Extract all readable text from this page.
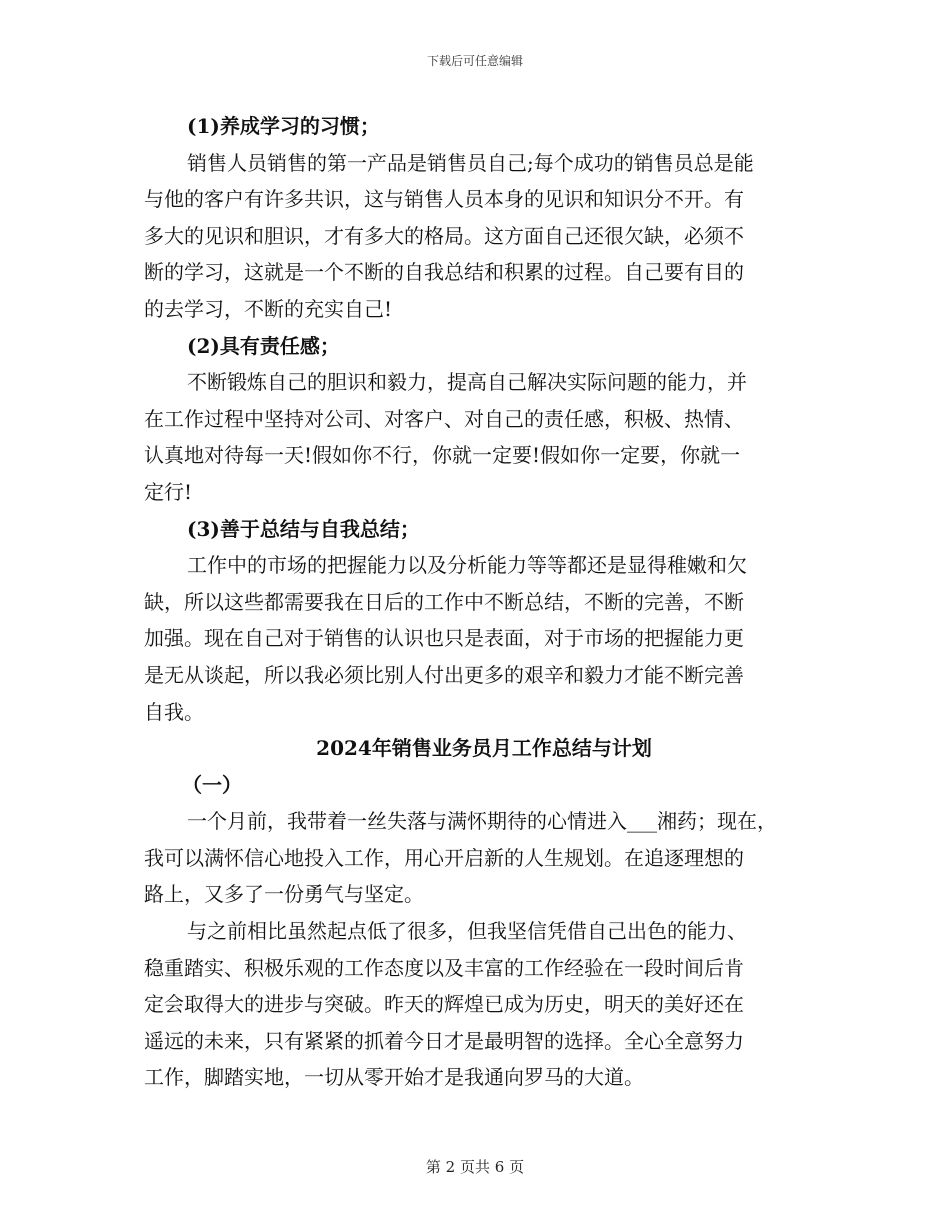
下载后可任意编辑
(1)养成学习的习惯；
销售人员销售的第一产品是销售员自己;每个成功的销售员总是能
与他的客户有许多共识，这与销售人员本身的见识和知识分不开。有
多大的见识和胆识，才有多大的格局。这方面自己还很欠缺，必须不
断的学习，这就是一个不断的自我总结和积累的过程。自己要有目的
的去学习，不断的充实自己!
(2)具有责任感；
不断锻炼自己的胆识和毅力，提高自己解决实际问题的能力，并
在工作过程中坚持对公司、对客户、对自己的责任感，积极、热情、
认真地对待每一天!假如你不行，你就一定要!假如你一定要，你就一
定行!
(3)善于总结与自我总结；
工作中的市场的把握能力以及分析能力等等都还是显得稚嫩和欠
缺，所以这些都需要我在日后的工作中不断总结，不断的完善，不断
加强。现在自己对于销售的认识也只是表面，对于市场的把握能力更
是无从谈起，所以我必须比别人付出更多的艰辛和毅力才能不断完善
自我。
2024年销售业务员月工作总结与计划
（一）
一个月前，我带着一丝失落与满怀期待的心情进入___湘药；现在，
我可以满怀信心地投入工作，用心开启新的人生规划。在追逐理想的
路上，又多了一份勇气与坚定。
与之前相比虽然起点低了很多，但我坚信凭借自己出色的能力、
稳重踏实、积极乐观的工作态度以及丰富的工作经验在一段时间后肯
定会取得大的进步与突破。昨天的辉煌已成为历史，明天的美好还在
遥远的未来，只有紧紧的抓着今日才是最明智的选择。全心全意努力
工作，脚踏实地，一切从零开始才是我通向罗马的大道。
第 2 页共 6 页
